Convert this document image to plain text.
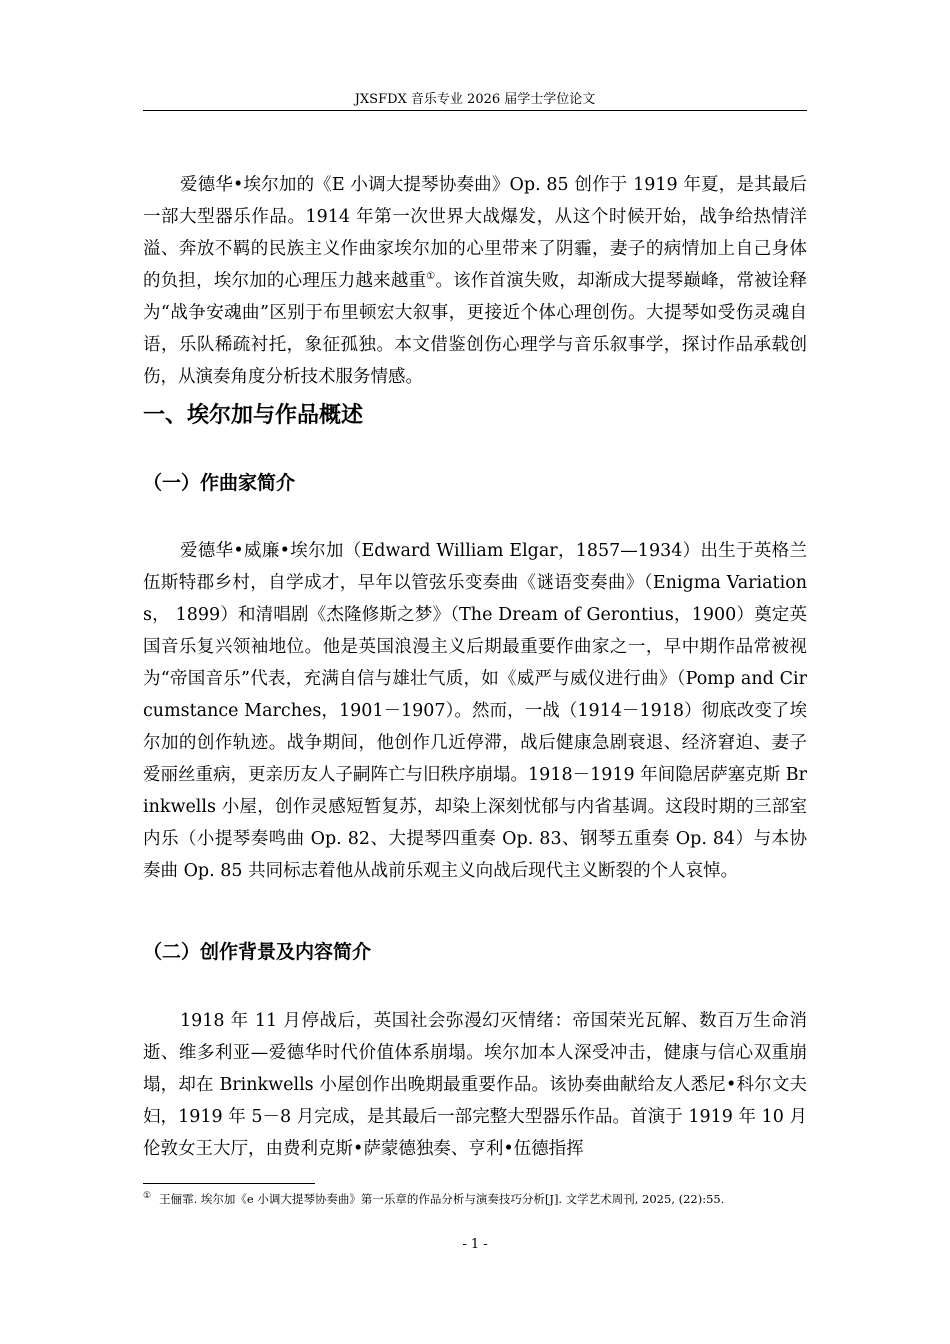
JXSFDX 音乐专业 2026 届学士学位论文

爱德华•埃尔加的《E 小调大提琴协奏曲》Op. 85 创作于 1919 年夏，是其最后一部大型器乐作品。1914 年第一次世界大战爆发，从这个时候开始，战争给热情洋溢、奔放不羁的民族主义作曲家埃尔加的心里带来了阴霾，妻子的病情加上自己身体的负担，埃尔加的心理压力越来越重①。该作首演失败，却渐成大提琴巅峰，常被诠释为“战争安魂曲”区别于布里顿宏大叙事，更接近个体心理创伤。大提琴如受伤灵魂自语，乐队稀疏衬托，象征孤独。本文借鉴创伤心理学与音乐叙事学，探讨作品承载创伤，从演奏角度分析技术服务情感。

一、埃尔加与作品概述
（一）作曲家简介

爱德华•威廉•埃尔加（Edward William Elgar，1857—1934）出生于英格兰伍斯特郡乡村，自学成才，早年以管弦乐变奏曲《谜语变奏曲》（Enigma Variations， 1899）和清唱剧《杰隆修斯之梦》（The Dream of Gerontius，1900）奠定英国音乐复兴领袖地位。他是英国浪漫主义后期最重要作曲家之一，早中期作品常被视为“帝国音乐”代表，充满自信与雄壮气质，如《威严与威仪进行曲》（Pomp and Circumstance Marches，1901－1907）。然而，一战（1914－1918）彻底改变了埃尔加的创作轨迹。战争期间，他创作几近停滞，战后健康急剧衰退、经济窘迫、妻子爱丽丝重病，更亲历友人子嗣阵亡与旧秩序崩塌。1918－1919 年间隐居萨塞克斯 Brinkwells 小屋，创作灵感短暂复苏，却染上深刻忧郁与内省基调。这段时期的三部室内乐（小提琴奏鸣曲 Op. 82、大提琴四重奏 Op. 83、钢琴五重奏 Op. 84）与本协奏曲 Op. 85 共同标志着他从战前乐观主义向战后现代主义断裂的个人哀悼。

（二）创作背景及内容简介

1918 年 11 月停战后，英国社会弥漫幻灭情绪：帝国荣光瓦解、数百万生命消逝、维多利亚—爱德华时代价值体系崩塌。埃尔加本人深受冲击，健康与信心双重崩塌，却在 Brinkwells 小屋创作出晚期最重要作品。该协奏曲献给友人悉尼•科尔文夫妇，1919 年 5－8 月完成，是其最后一部完整大型器乐作品。首演于 1919 年 10 月伦敦女王大厅，由费利克斯•萨蒙德独奏、亨利•伍德指挥

① 王俪霏. 埃尔加《e 小调大提琴协奏曲》第一乐章的作品分析与演奏技巧分析[J]. 文学艺术周刊, 2025, (22):55.

- 1 -
